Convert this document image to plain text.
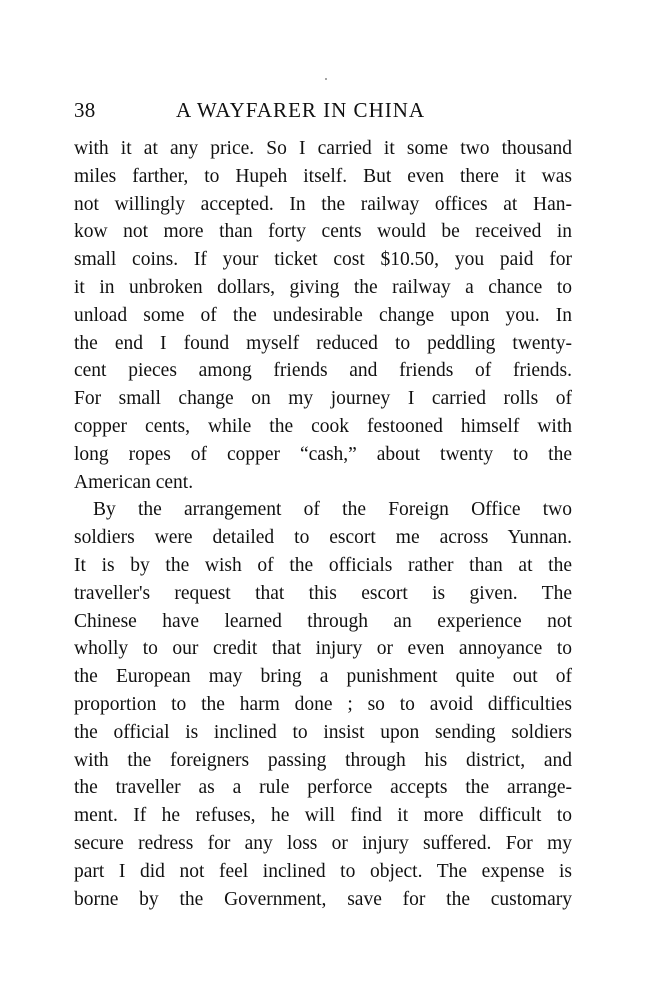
38	A WAYFARER IN CHINA
with it at any price. So I carried it some two thousand
miles farther, to Hupeh itself. But even there it was
not willingly accepted. In the railway offices at Han-
kow not more than forty cents would be received in
small coins. If your ticket cost $10.50, you paid for
it in unbroken dollars, giving the railway a chance to
unload some of the undesirable change upon you. In
the end I found myself reduced to peddling twenty-
cent pieces among friends and friends of friends.
For small change on my journey I carried rolls of
copper cents, while the cook festooned himself with
long ropes of copper “cash,” about twenty to the
American cent.
By the arrangement of the Foreign Office two
soldiers were detailed to escort me across Yunnan.
It is by the wish of the officials rather than at the
traveller's request that this escort is given. The
Chinese have learned through an experience not
wholly to our credit that injury or even annoyance to
the European may bring a punishment quite out of
proportion to the harm done ; so to avoid difficulties
the official is inclined to insist upon sending soldiers
with the foreigners passing through his district, and
the traveller as a rule perforce accepts the arrange-
ment. If he refuses, he will find it more difficult to
secure redress for any loss or injury suffered. For my
part I did not feel inclined to object. The expense is
borne by the Government, save for the customary
